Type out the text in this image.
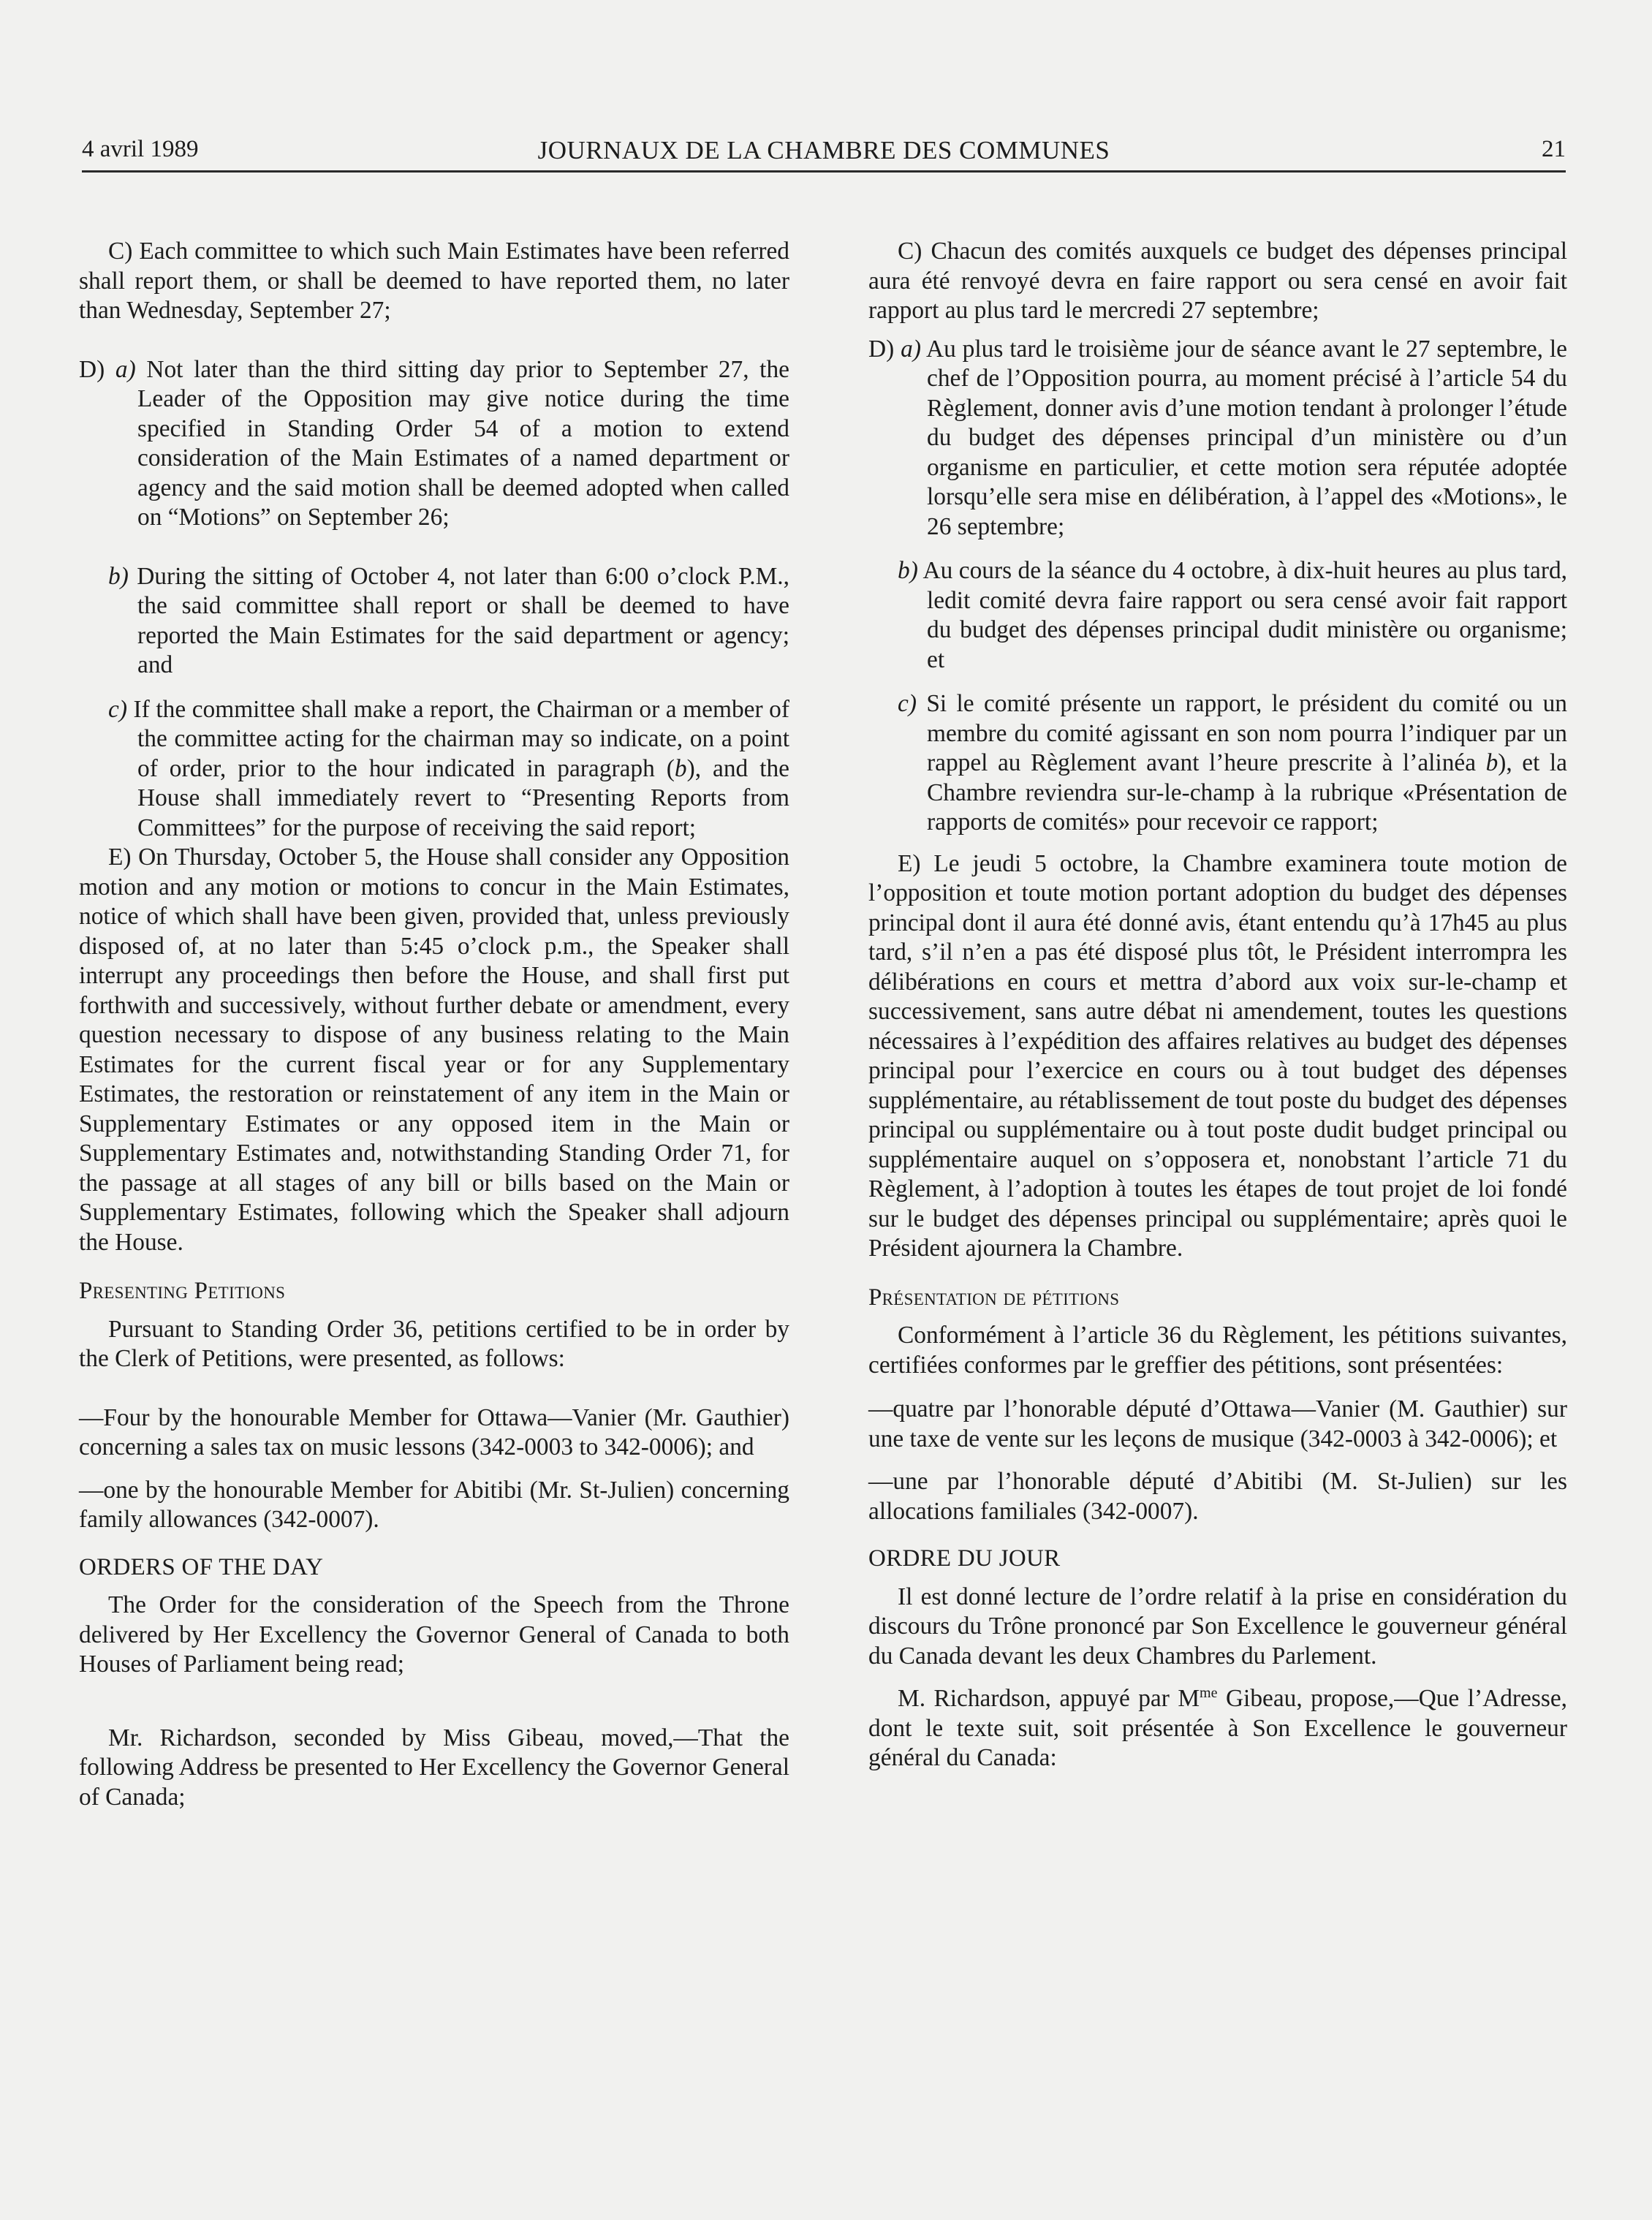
4 avril 1989	JOURNAUX DE LA CHAMBRE DES COMMUNES	21

C) Each committee to which such Main Estimates have been referred shall report them, or shall be deemed to have reported them, no later than Wednesday, September 27;

D) a) Not later than the third sitting day prior to September 27, the Leader of the Opposition may give notice during the time specified in Standing Order 54 of a motion to extend consideration of the Main Estimates of a named department or agency and the said motion shall be deemed adopted when called on “Motions” on September 26;

b) During the sitting of October 4, not later than 6:00 o’clock P.M., the said committee shall report or shall be deemed to have reported the Main Estimates for the said department or agency; and

c) If the committee shall make a report, the Chairman or a member of the committee acting for the chairman may so indicate, on a point of order, prior to the hour indicated in paragraph (b), and the House shall immediately revert to “Presenting Reports from Committees” for the purpose of receiving the said report;

E) On Thursday, October 5, the House shall consider any Opposition motion and any motion or motions to concur in the Main Estimates, notice of which shall have been given, provided that, unless previously disposed of, at no later than 5:45 o’clock p.m., the Speaker shall interrupt any proceedings then before the House, and shall first put forthwith and successively, without further debate or amendment, every question necessary to dispose of any business relating to the Main Estimates for the current fiscal year or for any Supplementary Estimates, the restoration or reinstatement of any item in the Main or Supplementary Estimates or any opposed item in the Main or Supplementary Estimates and, notwithstanding Standing Order 71, for the passage at all stages of any bill or bills based on the Main or Supplementary Estimates, following which the Speaker shall adjourn the House.

Presenting Petitions

Pursuant to Standing Order 36, petitions certified to be in order by the Clerk of Petitions, were presented, as follows:

—Four by the honourable Member for Ottawa—Vanier (Mr. Gauthier) concerning a sales tax on music lessons (342-0003 to 342-0006); and

—one by the honourable Member for Abitibi (Mr. St-Julien) concerning family allowances (342-0007).

ORDERS OF THE DAY

The Order for the consideration of the Speech from the Throne delivered by Her Excellency the Governor General of Canada to both Houses of Parliament being read;

Mr. Richardson, seconded by Miss Gibeau, moved,—That the following Address be presented to Her Excellency the Governor General of Canada;

C) Chacun des comités auxquels ce budget des dépenses principal aura été renvoyé devra en faire rapport ou sera censé en avoir fait rapport au plus tard le mercredi 27 septembre;

D) a) Au plus tard le troisième jour de séance avant le 27 septembre, le chef de l’Opposition pourra, au moment précisé à l’article 54 du Règlement, donner avis d’une motion tendant à prolonger l’étude du budget des dépenses principal d’un ministère ou d’un organisme en particulier, et cette motion sera réputée adoptée lorsqu’elle sera mise en délibération, à l’appel des «Motions», le 26 septembre;

b) Au cours de la séance du 4 octobre, à dix-huit heures au plus tard, ledit comité devra faire rapport ou sera censé avoir fait rapport du budget des dépenses principal dudit ministère ou organisme; et

c) Si le comité présente un rapport, le président du comité ou un membre du comité agissant en son nom pourra l’indiquer par un rappel au Règlement avant l’heure prescrite à l’alinéa b), et la Chambre reviendra sur-le-champ à la rubrique «Présentation de rapports de comités» pour recevoir ce rapport;

E) Le jeudi 5 octobre, la Chambre examinera toute motion de l’opposition et toute motion portant adoption du budget des dépenses principal dont il aura été donné avis, étant entendu qu’à 17h45 au plus tard, s’il n’en a pas été disposé plus tôt, le Président interrompra les délibérations en cours et mettra d’abord aux voix sur-le-champ et successivement, sans autre débat ni amendement, toutes les questions nécessaires à l’expédition des affaires relatives au budget des dépenses principal pour l’exercice en cours ou à tout budget des dépenses supplémentaire, au rétablissement de tout poste du budget des dépenses principal ou supplémentaire ou à tout poste dudit budget principal ou supplémentaire auquel on s’opposera et, nonobstant l’article 71 du Règlement, à l’adoption à toutes les étapes de tout projet de loi fondé sur le budget des dépenses principal ou supplémentaire; après quoi le Président ajournera la Chambre.

Présentation de pétitions

Conformément à l’article 36 du Règlement, les pétitions suivantes, certifiées conformes par le greffier des pétitions, sont présentées:

—quatre par l’honorable député d’Ottawa—Vanier (M. Gauthier) sur une taxe de vente sur les leçons de musique (342-0003 à 342-0006); et

—une par l’honorable député d’Abitibi (M. St-Julien) sur les allocations familiales (342-0007).

ORDRE DU JOUR

Il est donné lecture de l’ordre relatif à la prise en considération du discours du Trône prononcé par Son Excellence le gouverneur général du Canada devant les deux Chambres du Parlement.

M. Richardson, appuyé par $M^{me}$ Gibeau, propose,—Que l’Adresse, dont le texte suit, soit présentée à Son Excellence le gouverneur général du Canada:
